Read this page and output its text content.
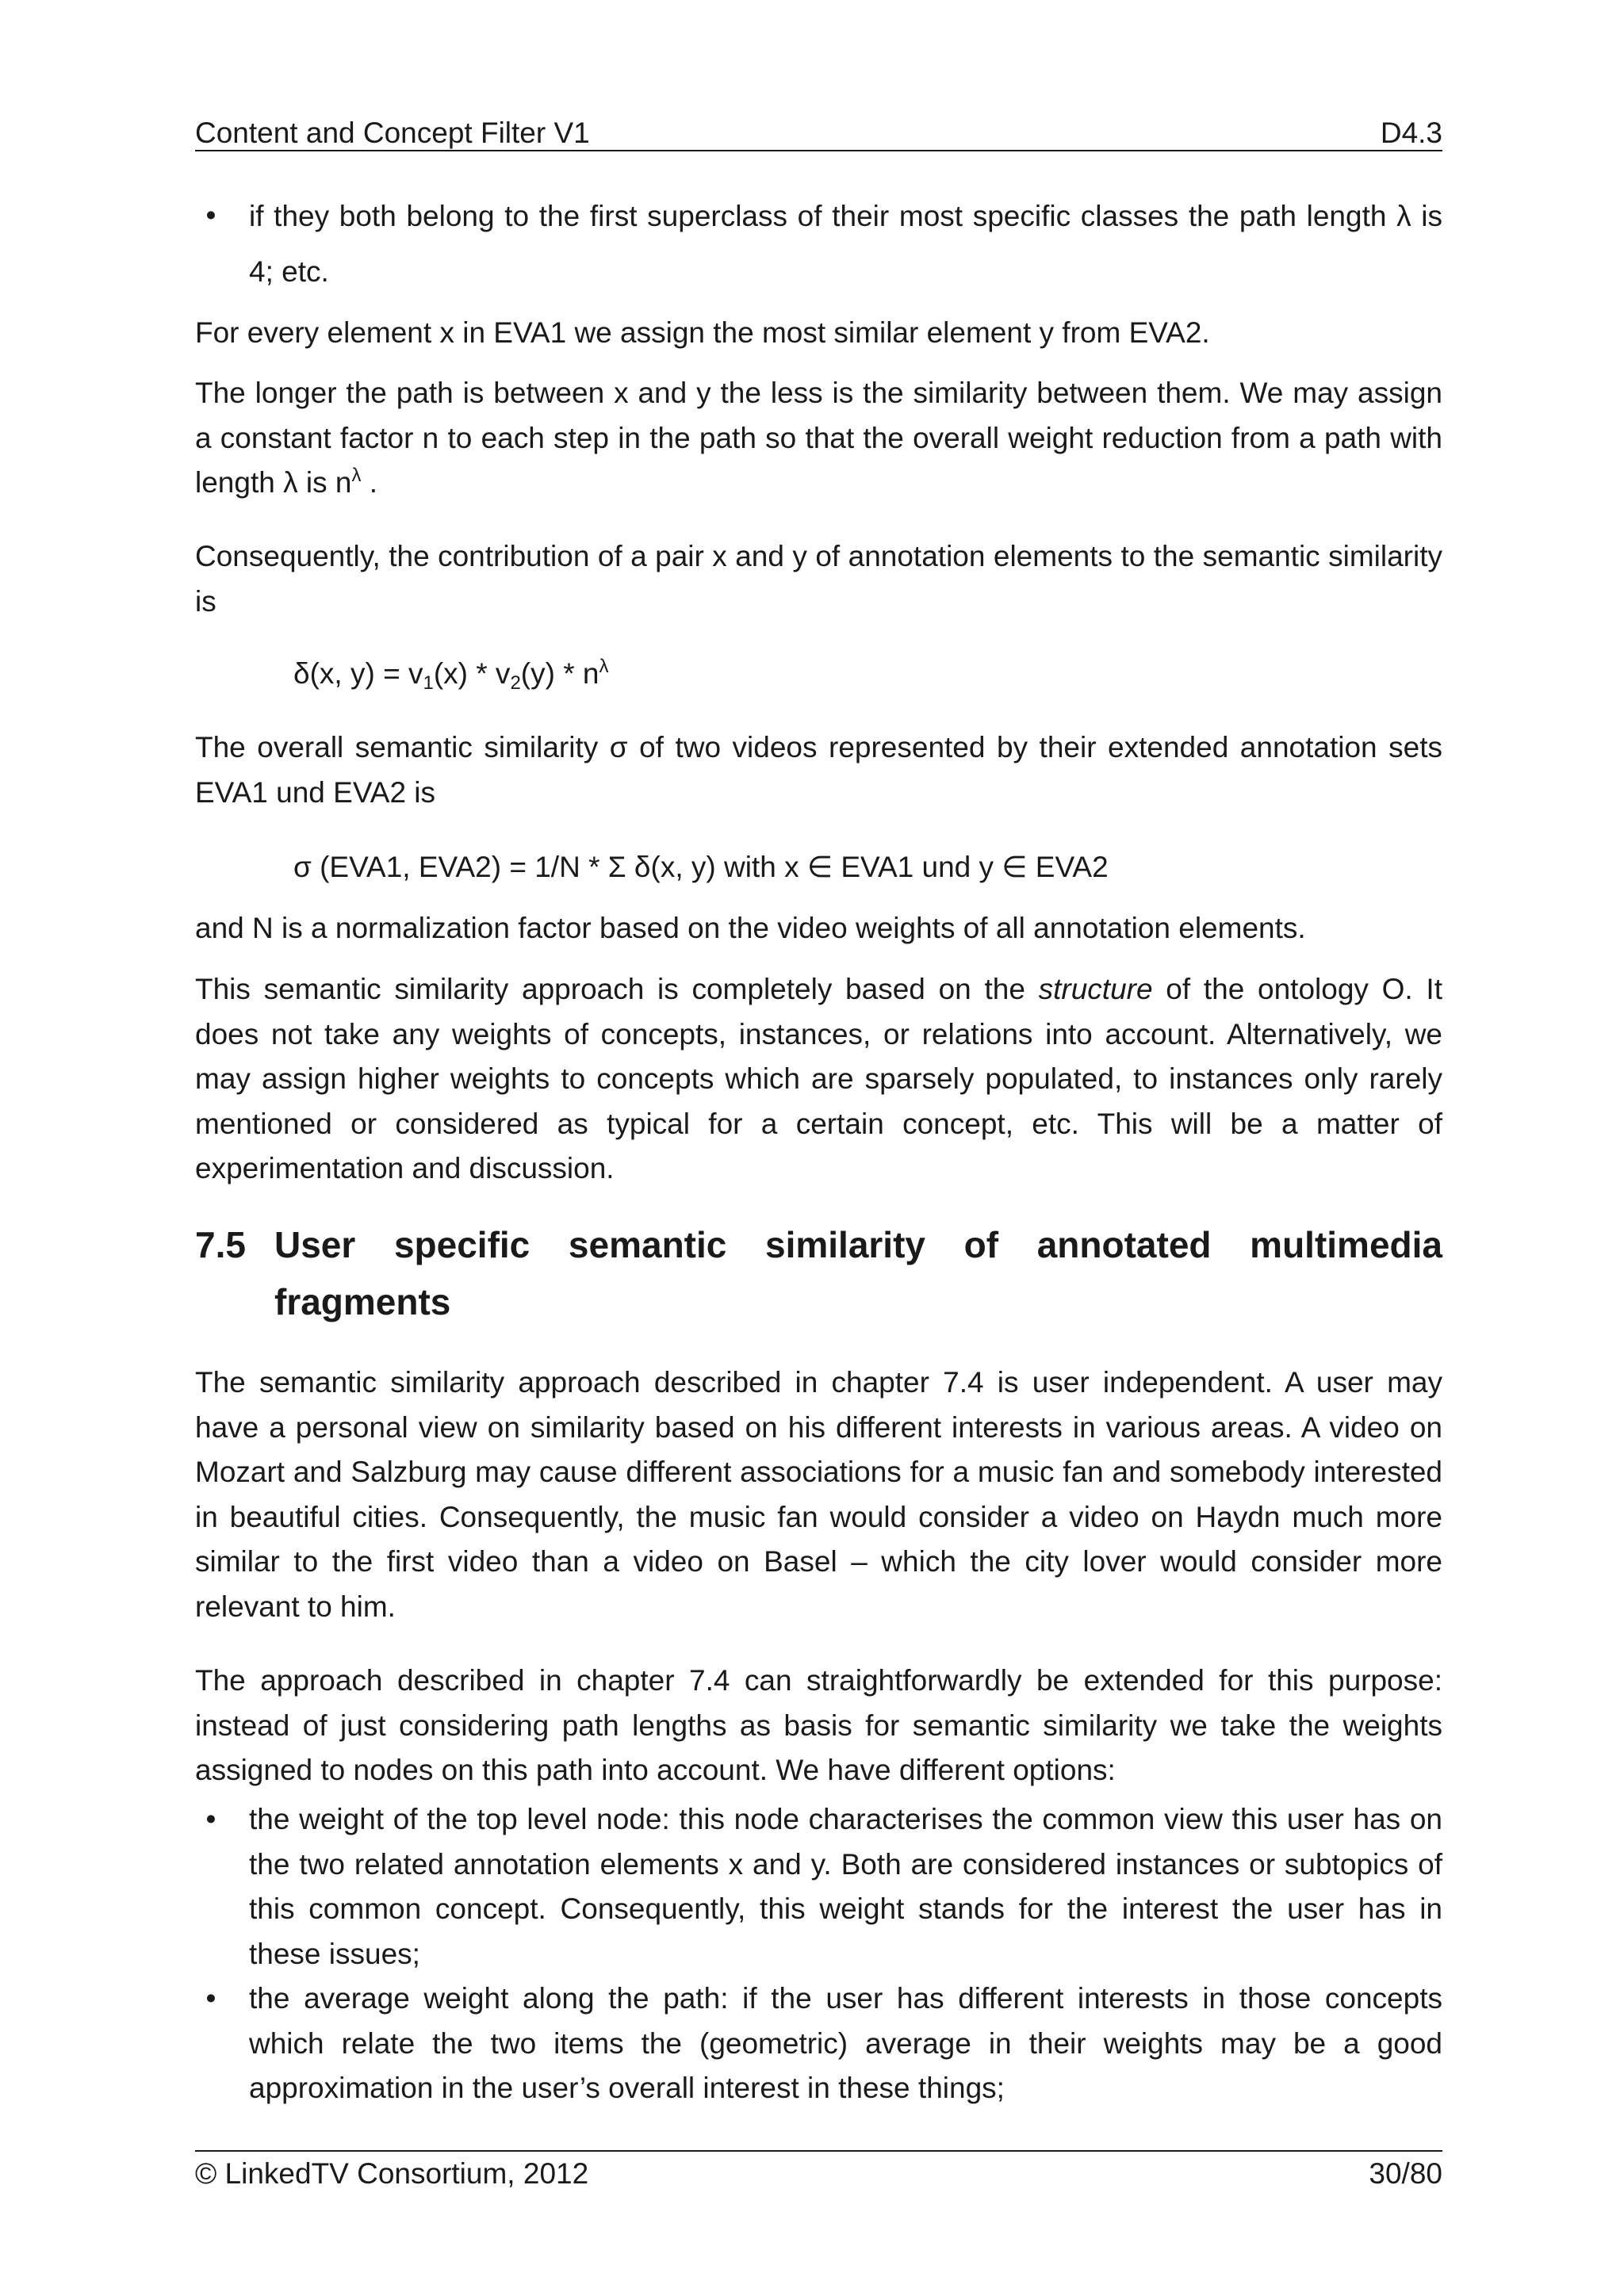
Content and Concept Filter V1	D4.3
•	if they both belong to the first superclass of their most specific classes the path length λ is 4; etc.

For every element x in EVA1 we assign the most similar element y from EVA2.

The longer the path is between x and y the less is the similarity between them. We may assign a constant factor n to each step in the path so that the overall weight reduction from a path with length λ is $n^\lambda$ .

Consequently, the contribution of a pair x and y of annotation elements to the semantic similarity is

δ(x, $y) = v_1(x) * v_2(y) * n^\lambda$

The overall semantic similarity σ of two videos represented by their extended annotation sets EVA1 und EVA2 is

σ (EVA1, EVA2) = 1/N * Σ δ(x, y) with x ∈ EVA1 und y ∈ EVA2

and N is a normalization factor based on the video weights of all annotation elements.

This semantic similarity approach is completely based on the structure of the ontology O. It does not take any weights of concepts, instances, or relations into account. Alternatively, we may assign higher weights to concepts which are sparsely populated, to instances only rarely mentioned or considered as typical for a certain concept, etc. This will be a matter of experimentation and discussion.

7.5 User specific semantic similarity of annotated multimedia
fragments

The semantic similarity approach described in chapter 7.4 is user independent. A user may have a personal view on similarity based on his different interests in various areas. A video on Mozart and Salzburg may cause different associations for a music fan and somebody interested in beautiful cities. Consequently, the music fan would consider a video on Haydn much more similar to the first video than a video on Basel – which the city lover would consider more relevant to him.

The approach described in chapter 7.4 can straightforwardly be extended for this purpose: instead of just considering path lengths as basis for semantic similarity we take the weights assigned to nodes on this path into account. We have different options:

•	the weight of the top level node: this node characterises the common view this user has on the two related annotation elements x and y. Both are considered instances or subtopics of this common concept. Consequently, this weight stands for the interest the user has in these issues;
•	the average weight along the path: if the user has different interests in those concepts which relate the two items the (geometric) average in their weights may be a good approximation in the user’s overall interest in these things;
© LinkedTV Consortium, 2012	30/80
